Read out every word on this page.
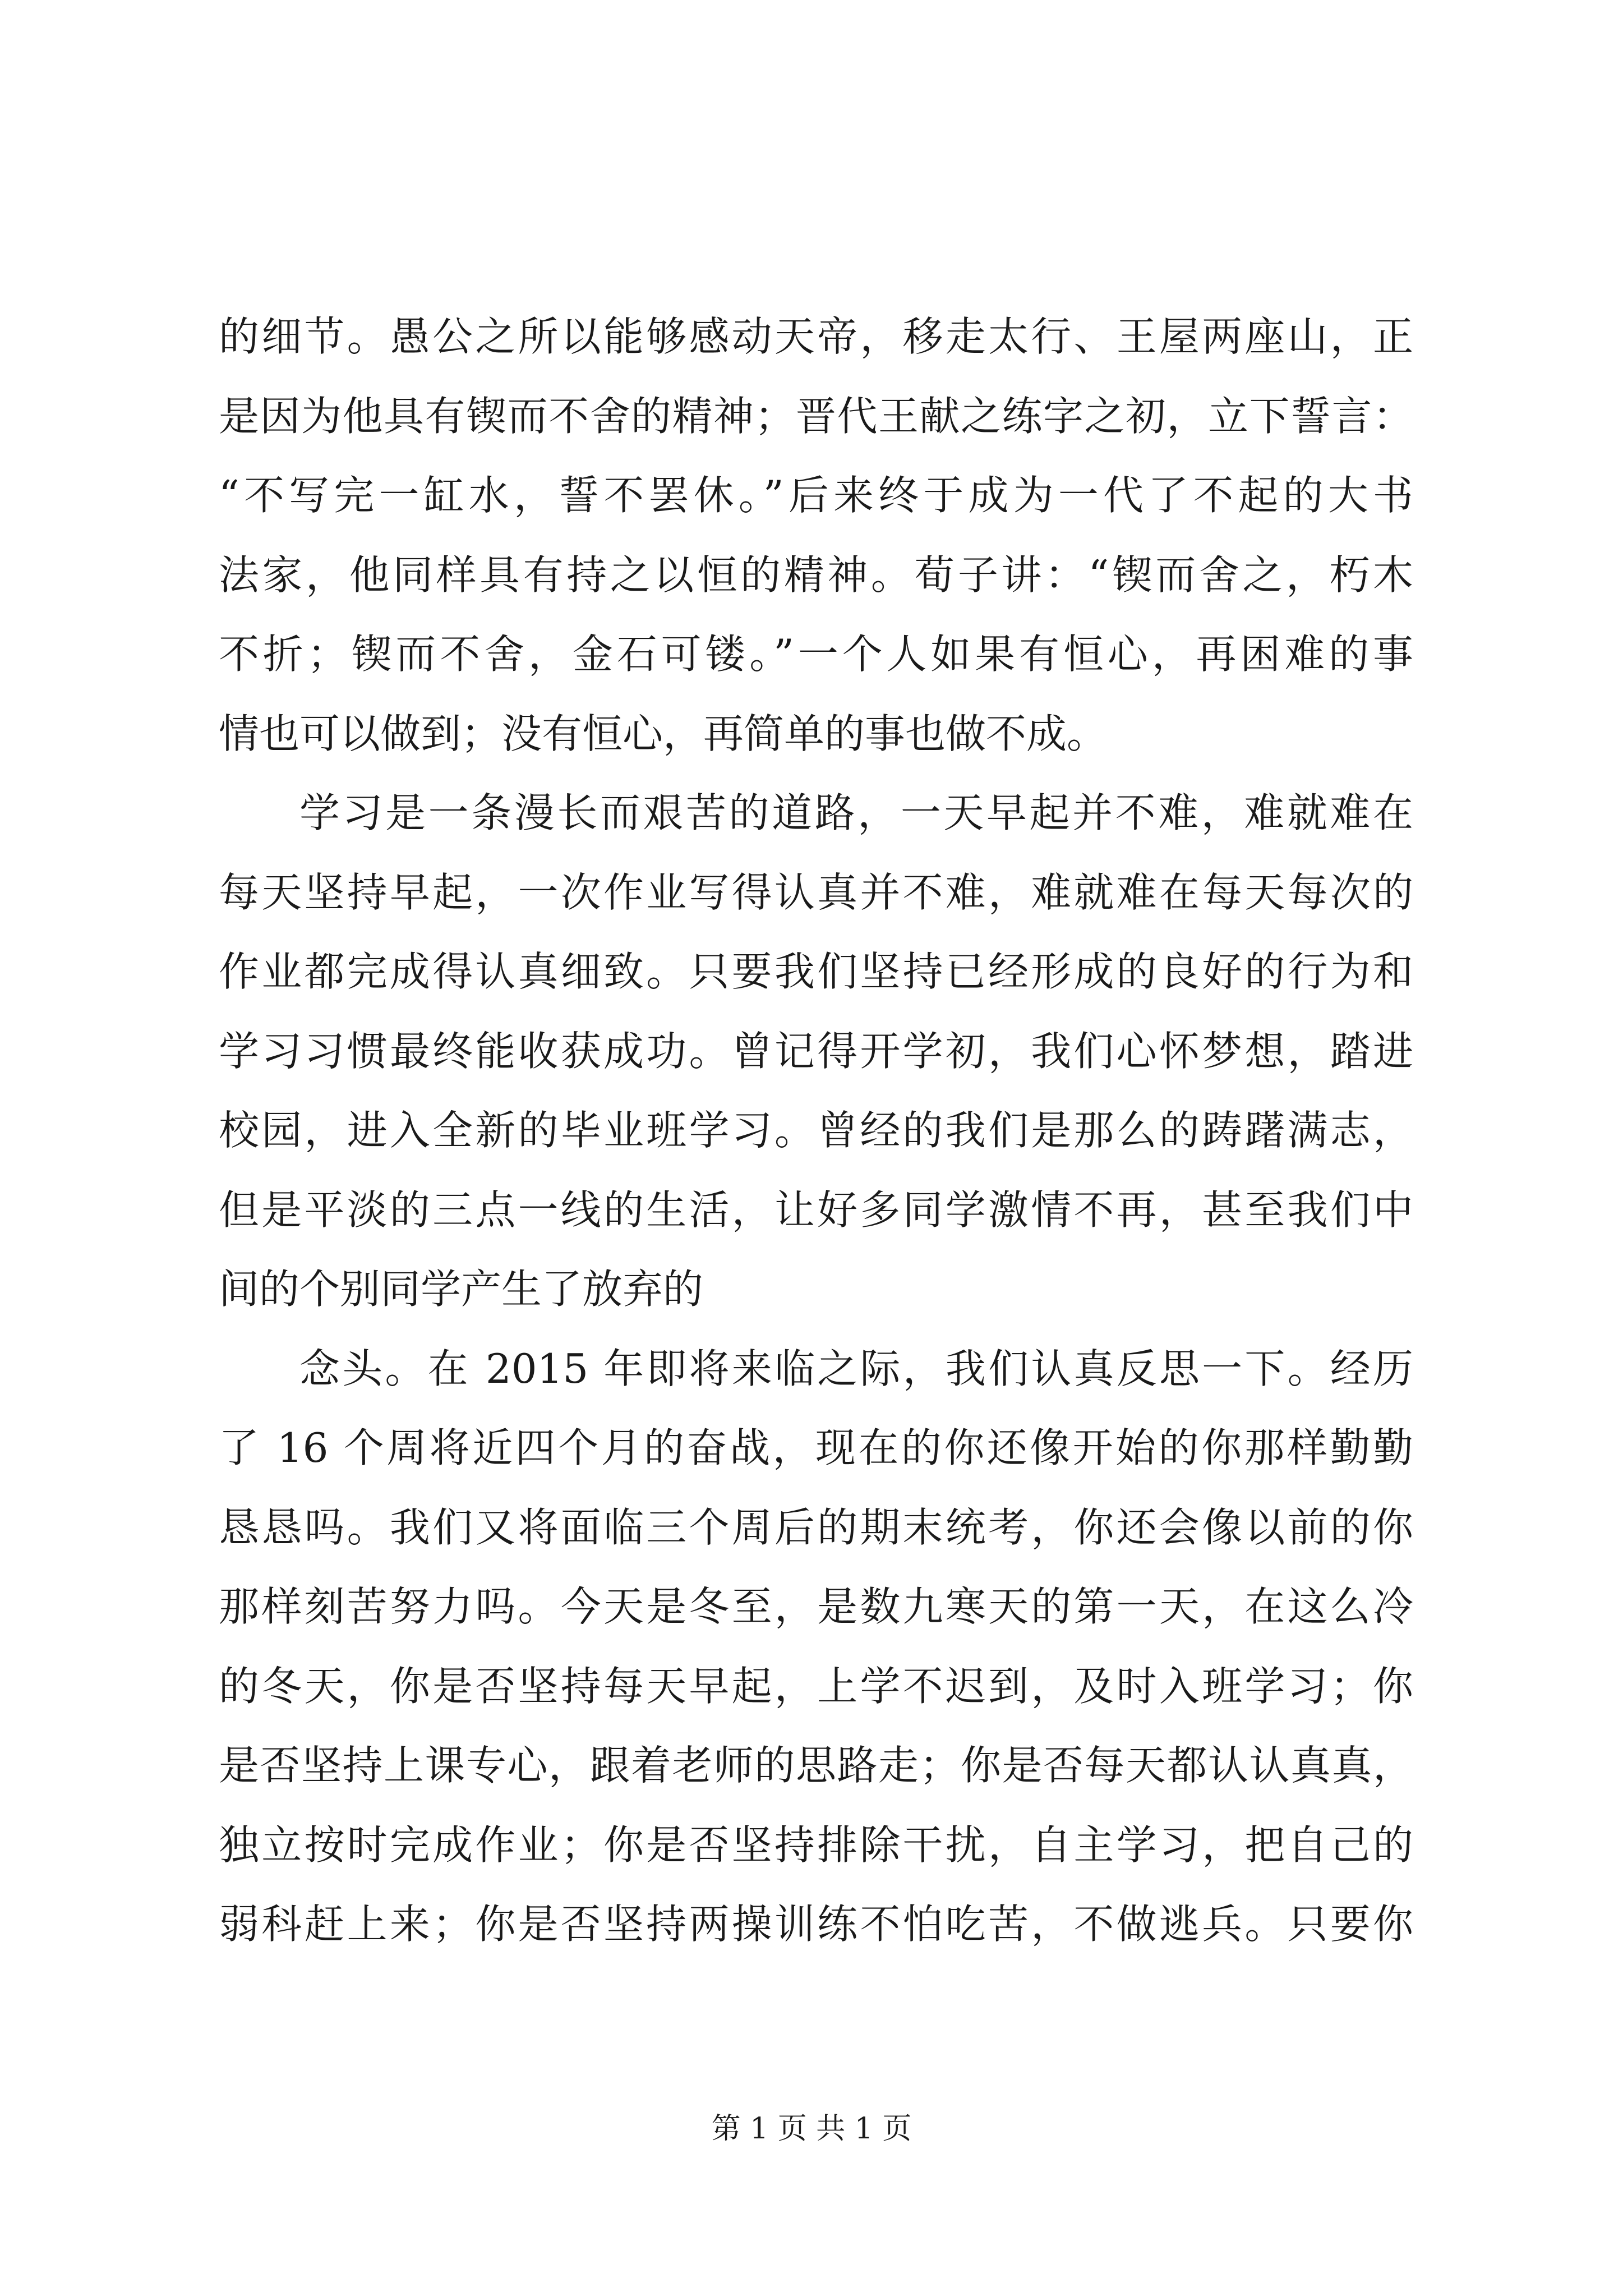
的细节。愚公之所以能够感动天帝，移走太行、王屋两座山，正
是因为他具有锲而不舍的精神；晋代王献之练字之初，立下誓言：
“不写完一缸水，誓不罢休。”后来终于成为一代了不起的大书
法家，他同样具有持之以恒的精神。荀子讲：“锲而舍之，朽木
不折；锲而不舍，金石可镂。”一个人如果有恒心，再困难的事
情也可以做到；没有恒心，再简单的事也做不成。
学习是一条漫长而艰苦的道路，一天早起并不难，难就难在
每天坚持早起，一次作业写得认真并不难，难就难在每天每次的
作业都完成得认真细致。只要我们坚持已经形成的良好的行为和
学习习惯最终能收获成功。曾记得开学初，我们心怀梦想，踏进
校园，进入全新的毕业班学习。曾经的我们是那么的踌躇满志，
但是平淡的三点一线的生活，让好多同学激情不再，甚至我们中
间的个别同学产生了放弃的
念头。在 2015 年即将来临之际，我们认真反思一下。经历
了 16 个周将近四个月的奋战，现在的你还像开始的你那样勤勤
恳恳吗。我们又将面临三个周后的期末统考，你还会像以前的你
那样刻苦努力吗。今天是冬至，是数九寒天的第一天，在这么冷
的冬天，你是否坚持每天早起，上学不迟到，及时入班学习；你
是否坚持上课专心，跟着老师的思路走；你是否每天都认认真真，
独立按时完成作业；你是否坚持排除干扰，自主学习，把自己的
弱科赶上来；你是否坚持两操训练不怕吃苦，不做逃兵。只要你
第 1 页 共 1 页
